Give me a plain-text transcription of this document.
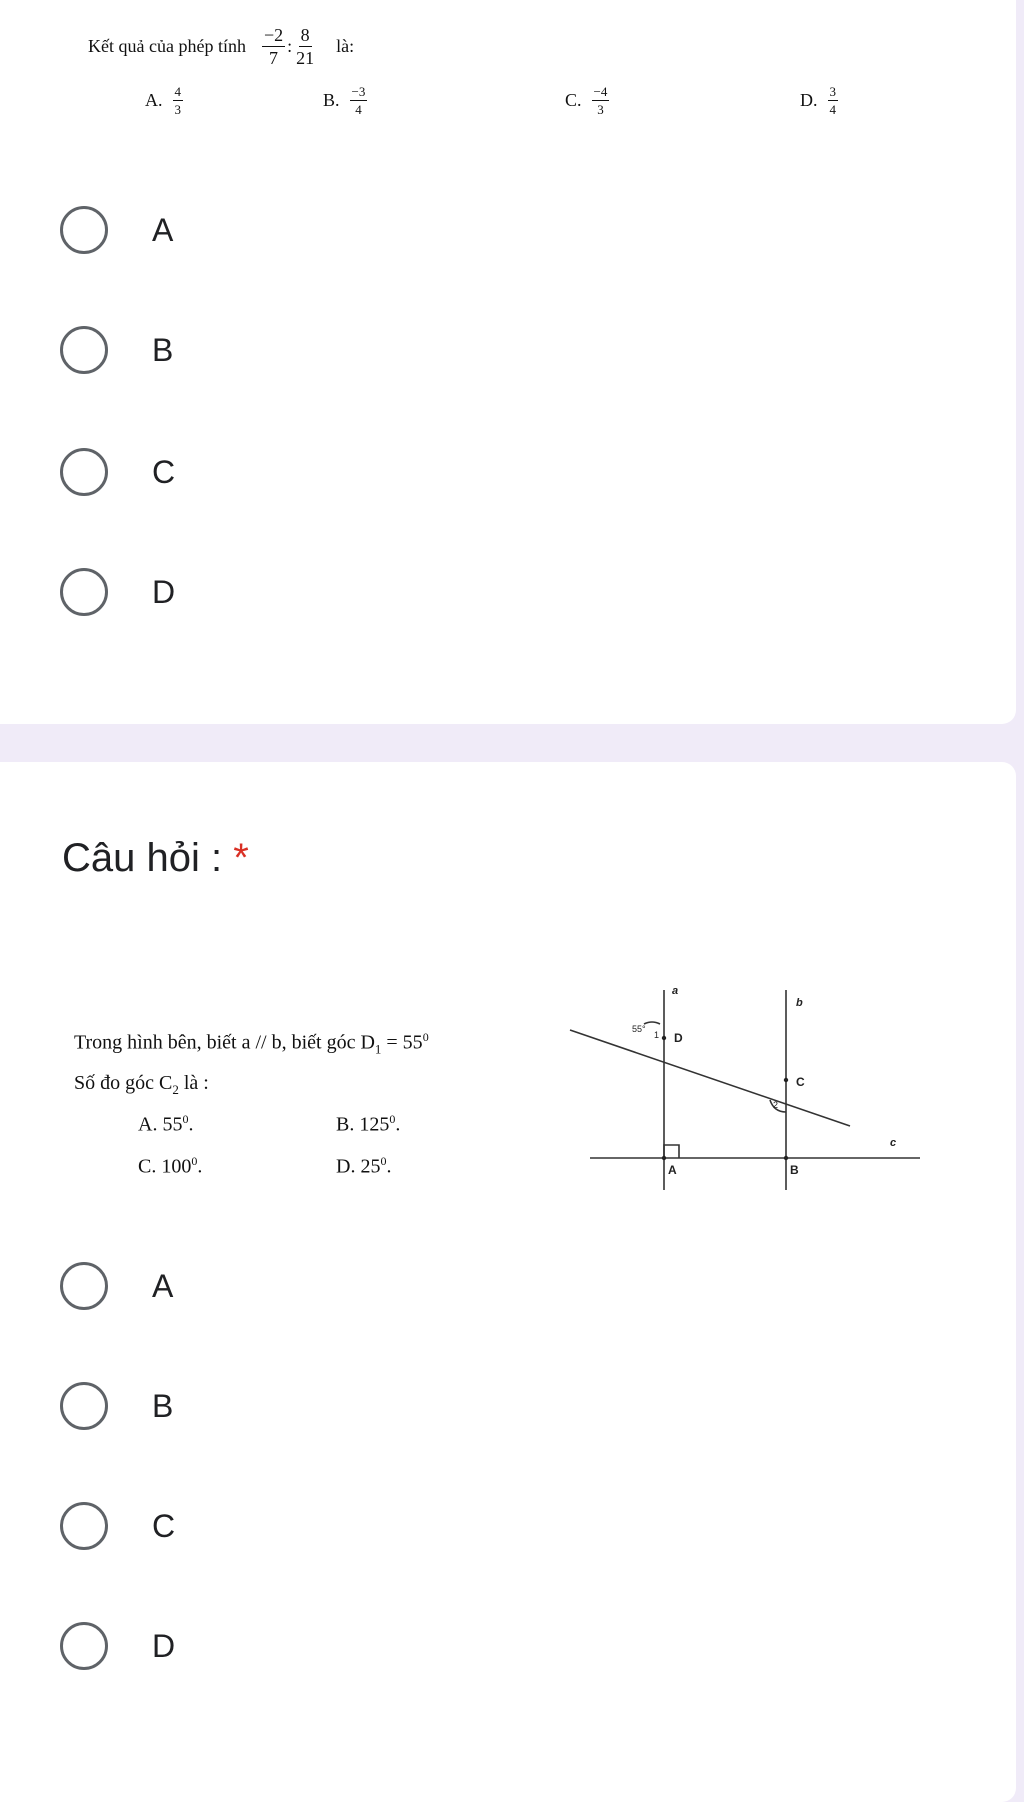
Kết quả của phép tính $\frac{-2}{7}$ : $\frac{8}{21}$ là:
A. $\frac{4}{3}$	B. $\frac{-3}{4}$	C. $\frac{-4}{3}$	D. $\frac{3}{4}$
A
B
C
D
Câu hỏi : *
Trong hình bên, biết a // b, biết góc $D_1 = 55^0$
Số đo góc $C_2$ là :
A. $55^0$.	B. $125^0$.
C. $100^0$.	D. $25^0$.
a
b
c
D
C
A	B
55°
1
2
A
B
C
D
